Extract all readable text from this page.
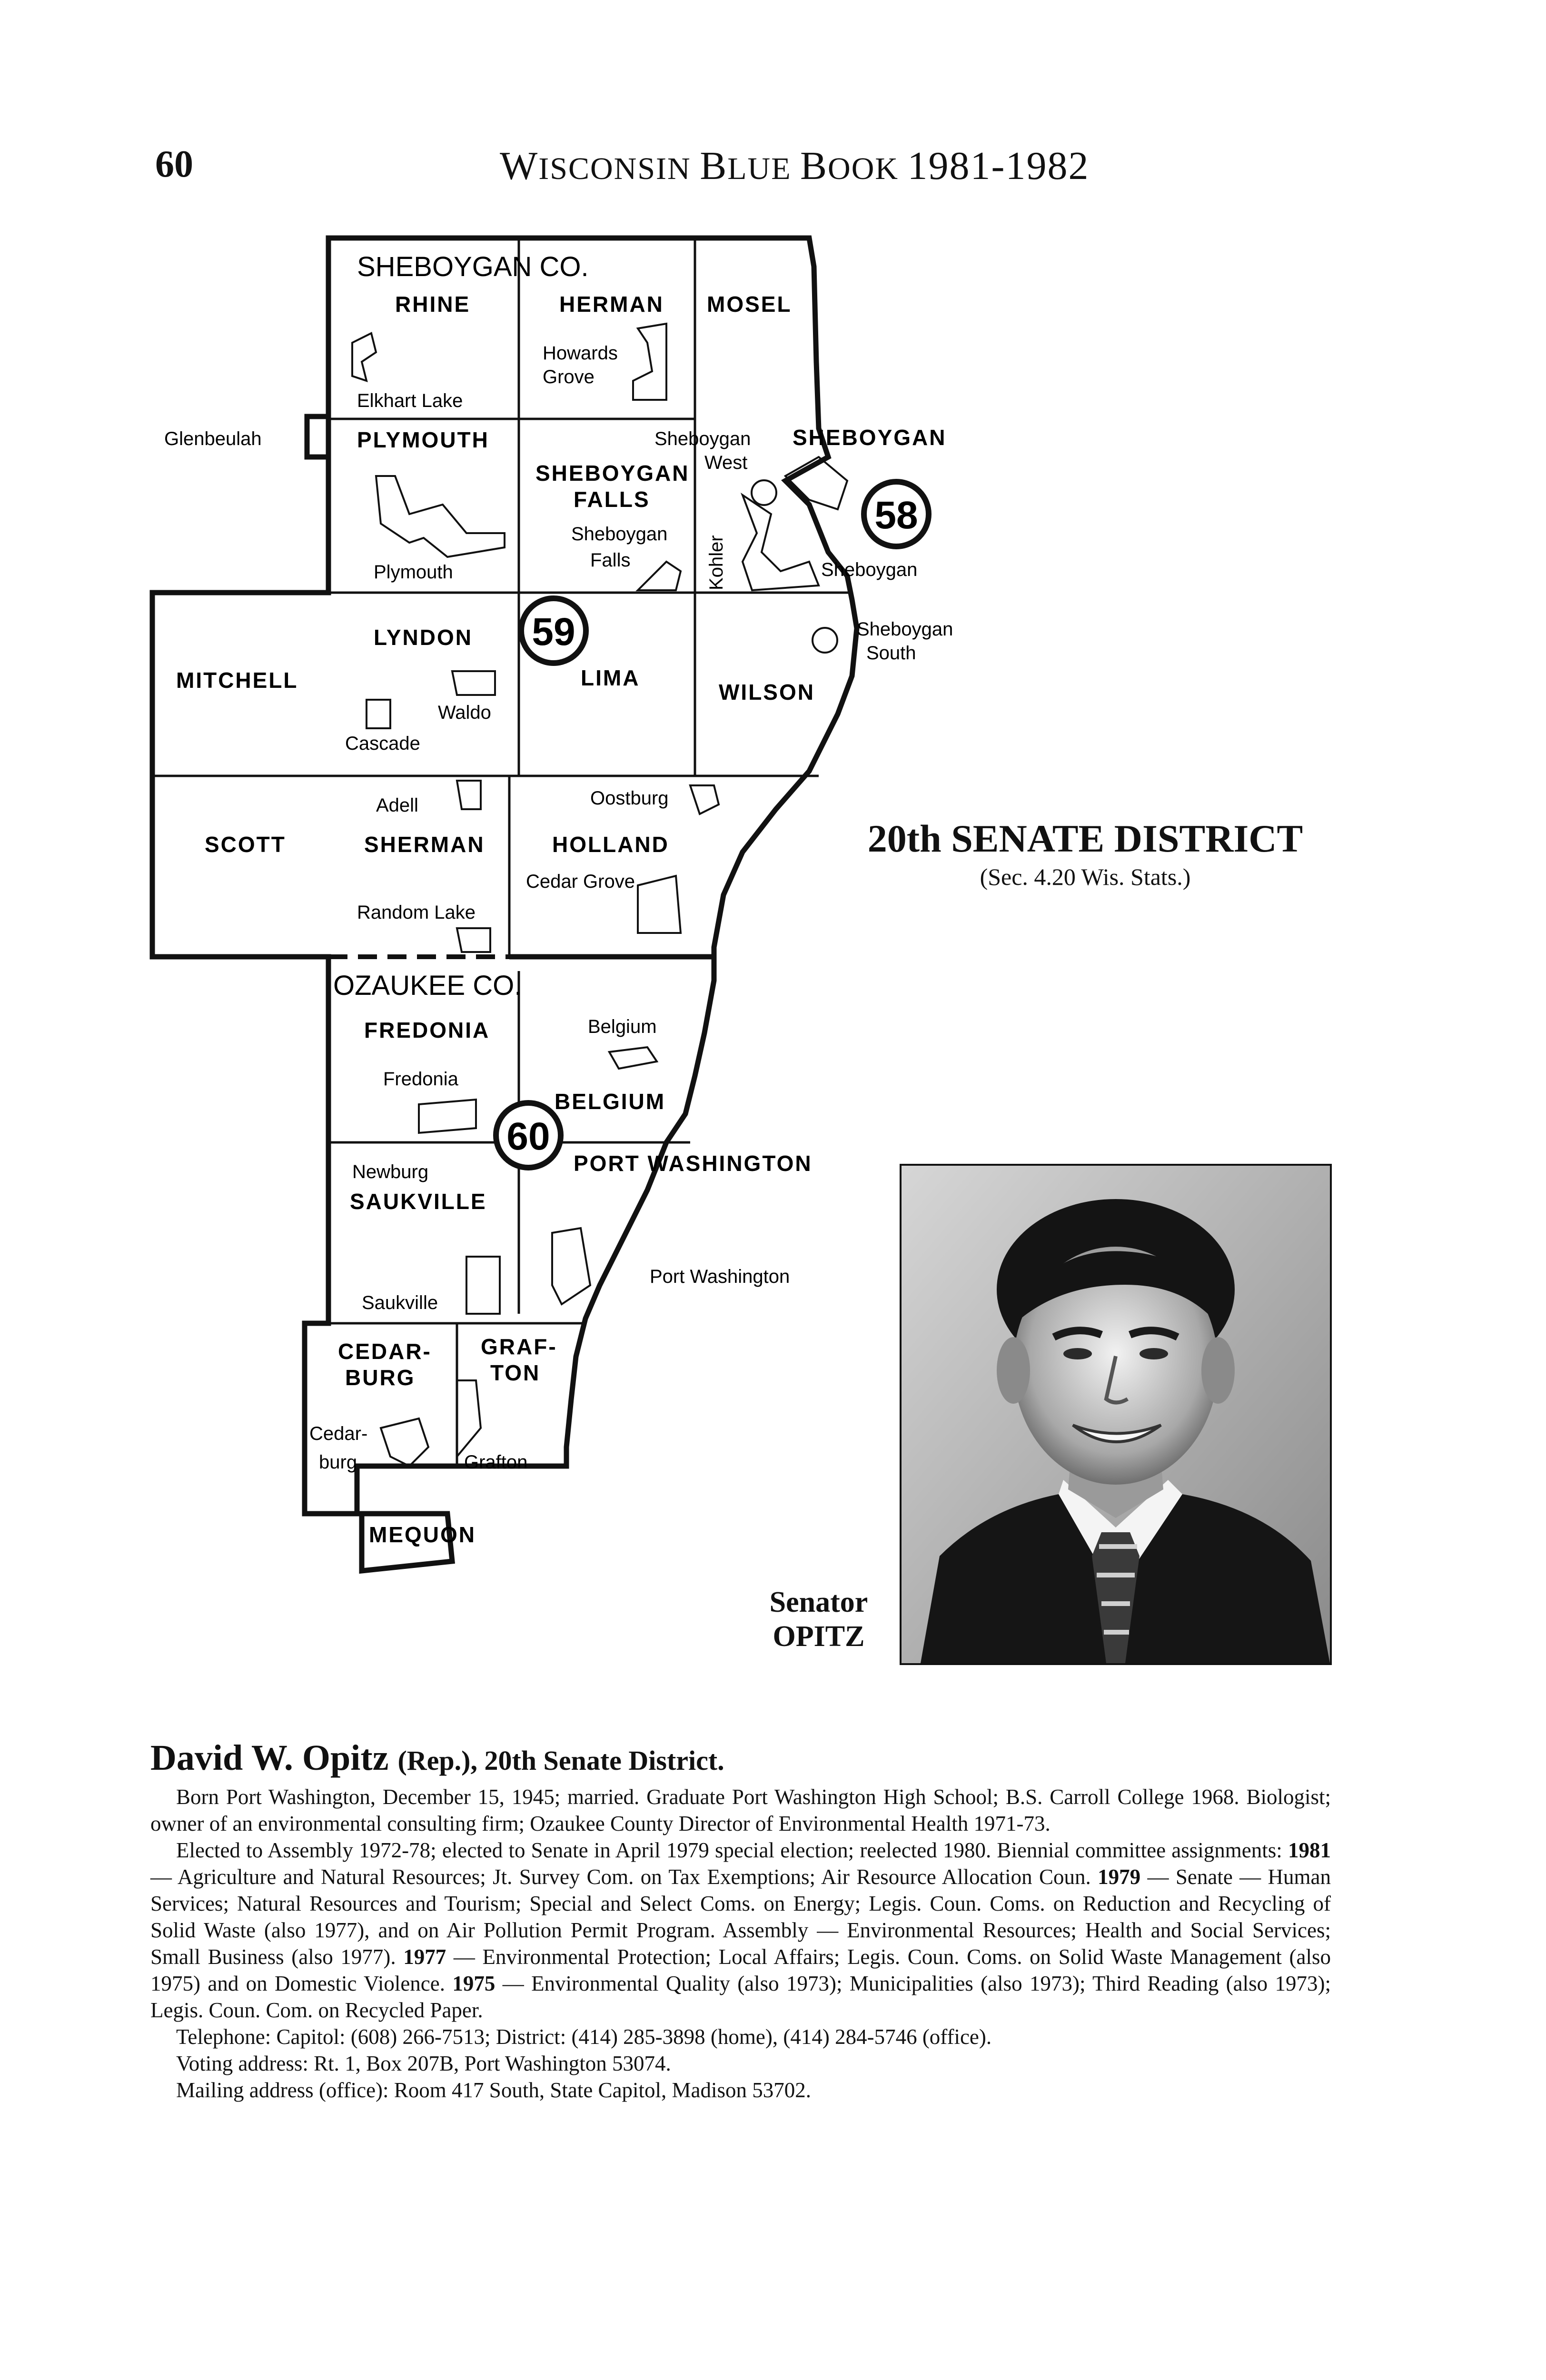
60	WISCONSIN BLUE BOOK 1981-1982
58
59
60
SHEBOYGAN CO.
OZAUKEE CO.
RHINE	HERMAN MOSEL
PLYMOUTH
SHEBOYGAN
FALLS
SHEBOYGAN
LYNDON
LIMA
WILSON
MITCHELL
SCOTT	SHERMAN	HOLLAND
FREDONIA
BELGIUM
PORT WASHINGTON
SAUKVILLE
CEDAR-
BURG
GRAF-
TON
MEQUON
Elkhart Lake
Howards
Grove
Glenbeulah	Sheboygan
West
Plymouth
Sheboygan
Falls	Kohler	Sheboygan
Sheboygan
South
Waldo
Cascade
Adell	Oostburg
Cedar Grove
Random Lake
Belgium
Fredonia
Newburg
Port Washington
Saukville
Cedar-
burg	Grafton
20th SENATE DISTRICT
(Sec. 4.20 Wis. Stats.)
Senator
OPITZ

David W. Opitz (Rep.), 20th Senate District.

Born Port Washington, December 15, 1945; married. Graduate Port Washington High School; B.S. Carroll College 1968. Biologist; owner of an environmental consulting firm; Ozaukee County Director of Environmental Health 1971-73.

Elected to Assembly 1972-78; elected to Senate in April 1979 special election; reelected 1980. Biennial committee assignments: 1981 — Agriculture and Natural Resources; Jt. Survey Com. on Tax Exemptions; Air Resource Allocation Coun. 1979 — Senate — Human Services; Natural Resources and Tourism; Special and Select Coms. on Energy; Legis. Coun. Coms. on Reduction and Recycling of Solid Waste (also 1977), and on Air Pollution Permit Program. Assembly — Environmental Resources; Health and Social Services; Small Business (also 1977). 1977 — Environmental Protection; Local Affairs; Legis. Coun. Coms. on Solid Waste Management (also 1975) and on Domestic Violence. 1975 — Environmental Quality (also 1973); Municipalities (also 1973); Third Reading (also 1973); Legis. Coun. Com. on Recycled Paper.

Telephone: Capitol: (608) 266-7513; District: (414) 285-3898 (home), (414) 284-5746 (office).

Voting address: Rt. 1, Box 207B, Port Washington 53074.

Mailing address (office): Room 417 South, State Capitol, Madison 53702.
